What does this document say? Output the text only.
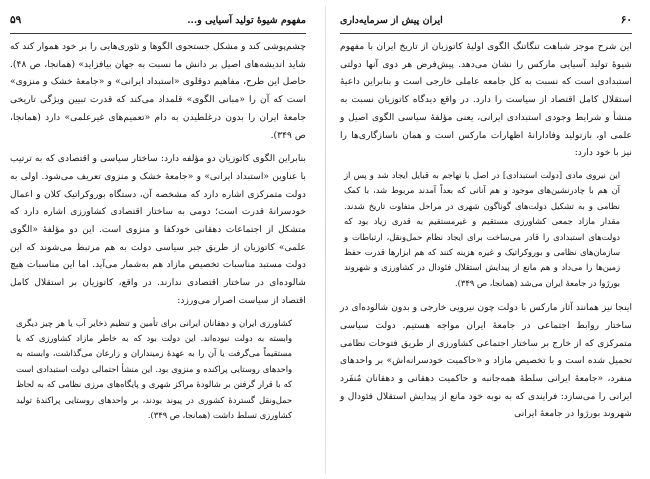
مفهوم شیوهٔ تولید آسیایی و...
۵۹

چشم‌پوشی کند و مشکل جستجوی الگوها و تئوری‌هایی را بر خود هموار کند که شاید اندیشه‌های اصیل بر دانش ما نسبت به جهان بیافزاید» (همانجا، ص ۴۸). حاصل این طرح، مفاهیم دوقلوی «استبداد ایرانی» و «جامعهٔ خشک و منزوی» است که آن را «مبانی الگوی» قلمداد می‌کند که قدرت تبیین ویژگی تاریخی جامعهٔ ایران را بدون درغلطیدن به دام «تعمیم‌های غیرعلمی» دارد (همانجا، ص ۳۴۹).

بنابراین الگوی کاتوزیان دو مؤلفه دارد: ساختار سیاسی و اقتصادی که به ترتیب با عناوین «استبداد ایرانی» و «جامعهٔ خشک و منزوی تعریف می‌شود. اولی به دولت متمرکزی اشاره دارد که مشخصه آن، دستگاه بوروکراتیک کلان و اعمال خودسرانهٔ قدرت است؛ دومی به ساختار اقتصادی کشاورزی اشاره دارد که متشکل از اجتماعات دهقانی خودکفا و منزوی است. این دو مؤلفهٔ «الگوی علمی» کاتوزیان از طریق جبر سیاسی دولت به هم مرتبط می‌شوند که این دولت مستبد مناسبات تخصیص مازاد هم به‌شمار می‌آید. اما این مناسبات هیچ شالوده‌ای در ساختار اقتصادی ندارند. در واقع، کاتوزیان بر استقلال کامل اقتصاد از سیاست اصرار می‌ورزد:

کشاورزی ایران و دهقانان ایرانی برای تأمین و تنظیم ذخایر آب یا هر چیز دیگری وابسته به دولت نبوده‌اند. این دولت بود که به خاطر مازاد کشاورزی که یا مستقیماً می‌گرفت یا آن را به عهدهٔ زمینداران و زارعان می‌گذاشت، وابسته به واحدهای روستایی پراکنده و منزوی بود. این منشأ احتمالی دولت استبدادی است که با قرار گرفتن بر شالودهٔ مراکز شهری و پایگاه‌های مرزی نظامی که به لحاظ حمل‌ونقل گستردهٔ کشوری در پیوند بودند، بر واحدهای روستایی پراکندهٔ تولید کشاورزی تسلط داشت (همانجا، ص ۳۴۹).

۶۰
ایران پیش از سرمایه‌داری

این شرح موجز شباهت تنگاتنگ الگوی اولیهٔ کاتوزیان از تاریخ ایران با مفهوم شیوهٔ تولید آسیایی مارکس را نشان می‌دهد. پیش‌فرض هر دوی آنها دولتی استبدادی است که نسبت به کل جامعه عاملی خارجی است و بنابراین داعیهٔ استقلال کامل اقتصاد از سیاست را دارد. در واقع دیدگاه کاتوزیان نسبت به منشأ و شرایط وجودی استبدادی ایرانی، یعنی مؤلفهٔ سیاسی الگوی اصیل و علمی او، بازتولید وفادارانهٔ اظهارات مارکس است و همان ناسازگاری‌ها را نیز با خود دارد:

این نیروی مادی [دولت استبدادی] در اصل با تهاجم به قبایل ایجاد شد و پس از آن هم با چادرنشین‌های موجود و هم آنانی که بعداً آمدند مربوط شد، با کمک نظامی و به تشکیل دولت‌های گوناگون شهری در مراحل متفاوت تاریخ شدند. مقدار مازاد جمعی کشاورزی مستقیم و غیرمستقیم به قدری زیاد بود که دولت‌های استبدادی را قادر می‌ساخت برای ایجاد نظام حمل‌ونقل، ارتباطات و سازمان‌های نظامی و بوروکراتیک و غیره هزینه کنند که هم ابزارها قدرت حفظ زمین‌ها را می‌داد و هم مانع از پیدایش استقلال فئودال در کشاورزی و شهروند بورژوا در جامعهٔ ایران می‌شد (همانجا، ص ۳۴۹).

اینجا نیز همانند آثار مارکس با دولت چون نیرویی خارجی و بدون شالوده‌ای در ساختار روابط اجتماعی در جامعهٔ ایران مواجه هستیم. دولت سیاسی متمرکزی که از خارج بر ساختار اجتماعی کشاورزی از طریق فتوحات نظامی تحمیل شده است و با تخصیص مازاد و «حاکمیت خودسرانه‌اش» بر واحدهای منفرد، «جامعهٔ ایرانی سلطهٔ همه‌جانبه و حاکمیت دهقانی و دهقانان مُنفَرد ایرانی را می‌سازد: فرایندی که به نوبه خود مانع از پیدایش استقلال فئودال و شهروند بورژوا در جامعهٔ ایرانی
